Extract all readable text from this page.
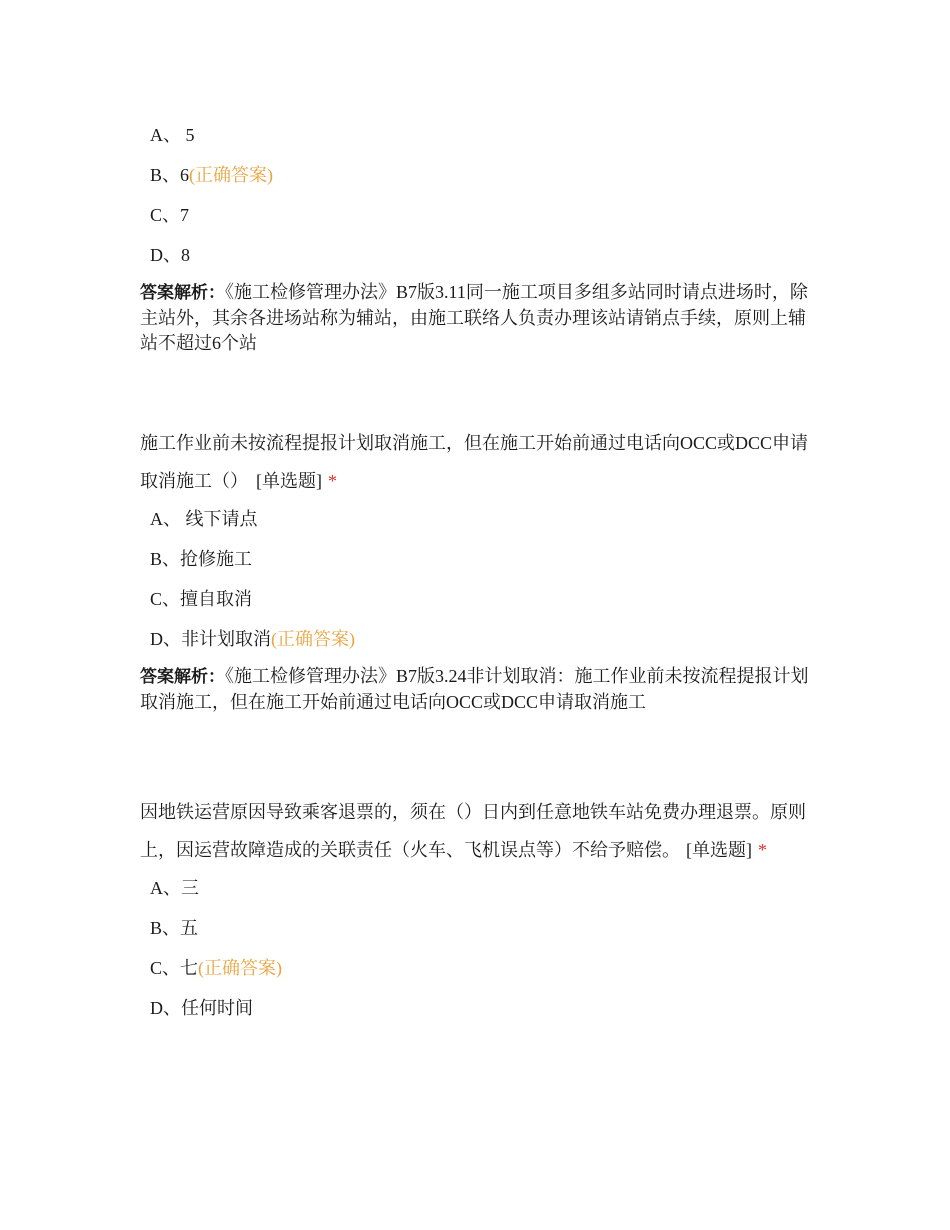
A、 5
B、6(正确答案)
C、7
D、8
答案解析：《施工检修管理办法》B7版3.11同一施工项目多组多站同时请点进场时，除主站外，其余各进场站称为辅站，由施工联络人负责办理该站请销点手续，原则上辅站不超过6个站
施工作业前未按流程提报计划取消施工，但在施工开始前通过电话向OCC或DCC申请取消施工（） [单选题] *
A、 线下请点
B、抢修施工
C、擅自取消
D、非计划取消(正确答案)
答案解析：《施工检修管理办法》B7版3.24非计划取消：施工作业前未按流程提报计划取消施工，但在施工开始前通过电话向OCC或DCC申请取消施工
因地铁运营原因导致乘客退票的，须在（）日内到任意地铁车站免费办理退票。原则上，因运营故障造成的关联责任（火车、飞机误点等）不给予赔偿。 [单选题] *
A、三
B、五
C、七(正确答案)
D、任何时间
